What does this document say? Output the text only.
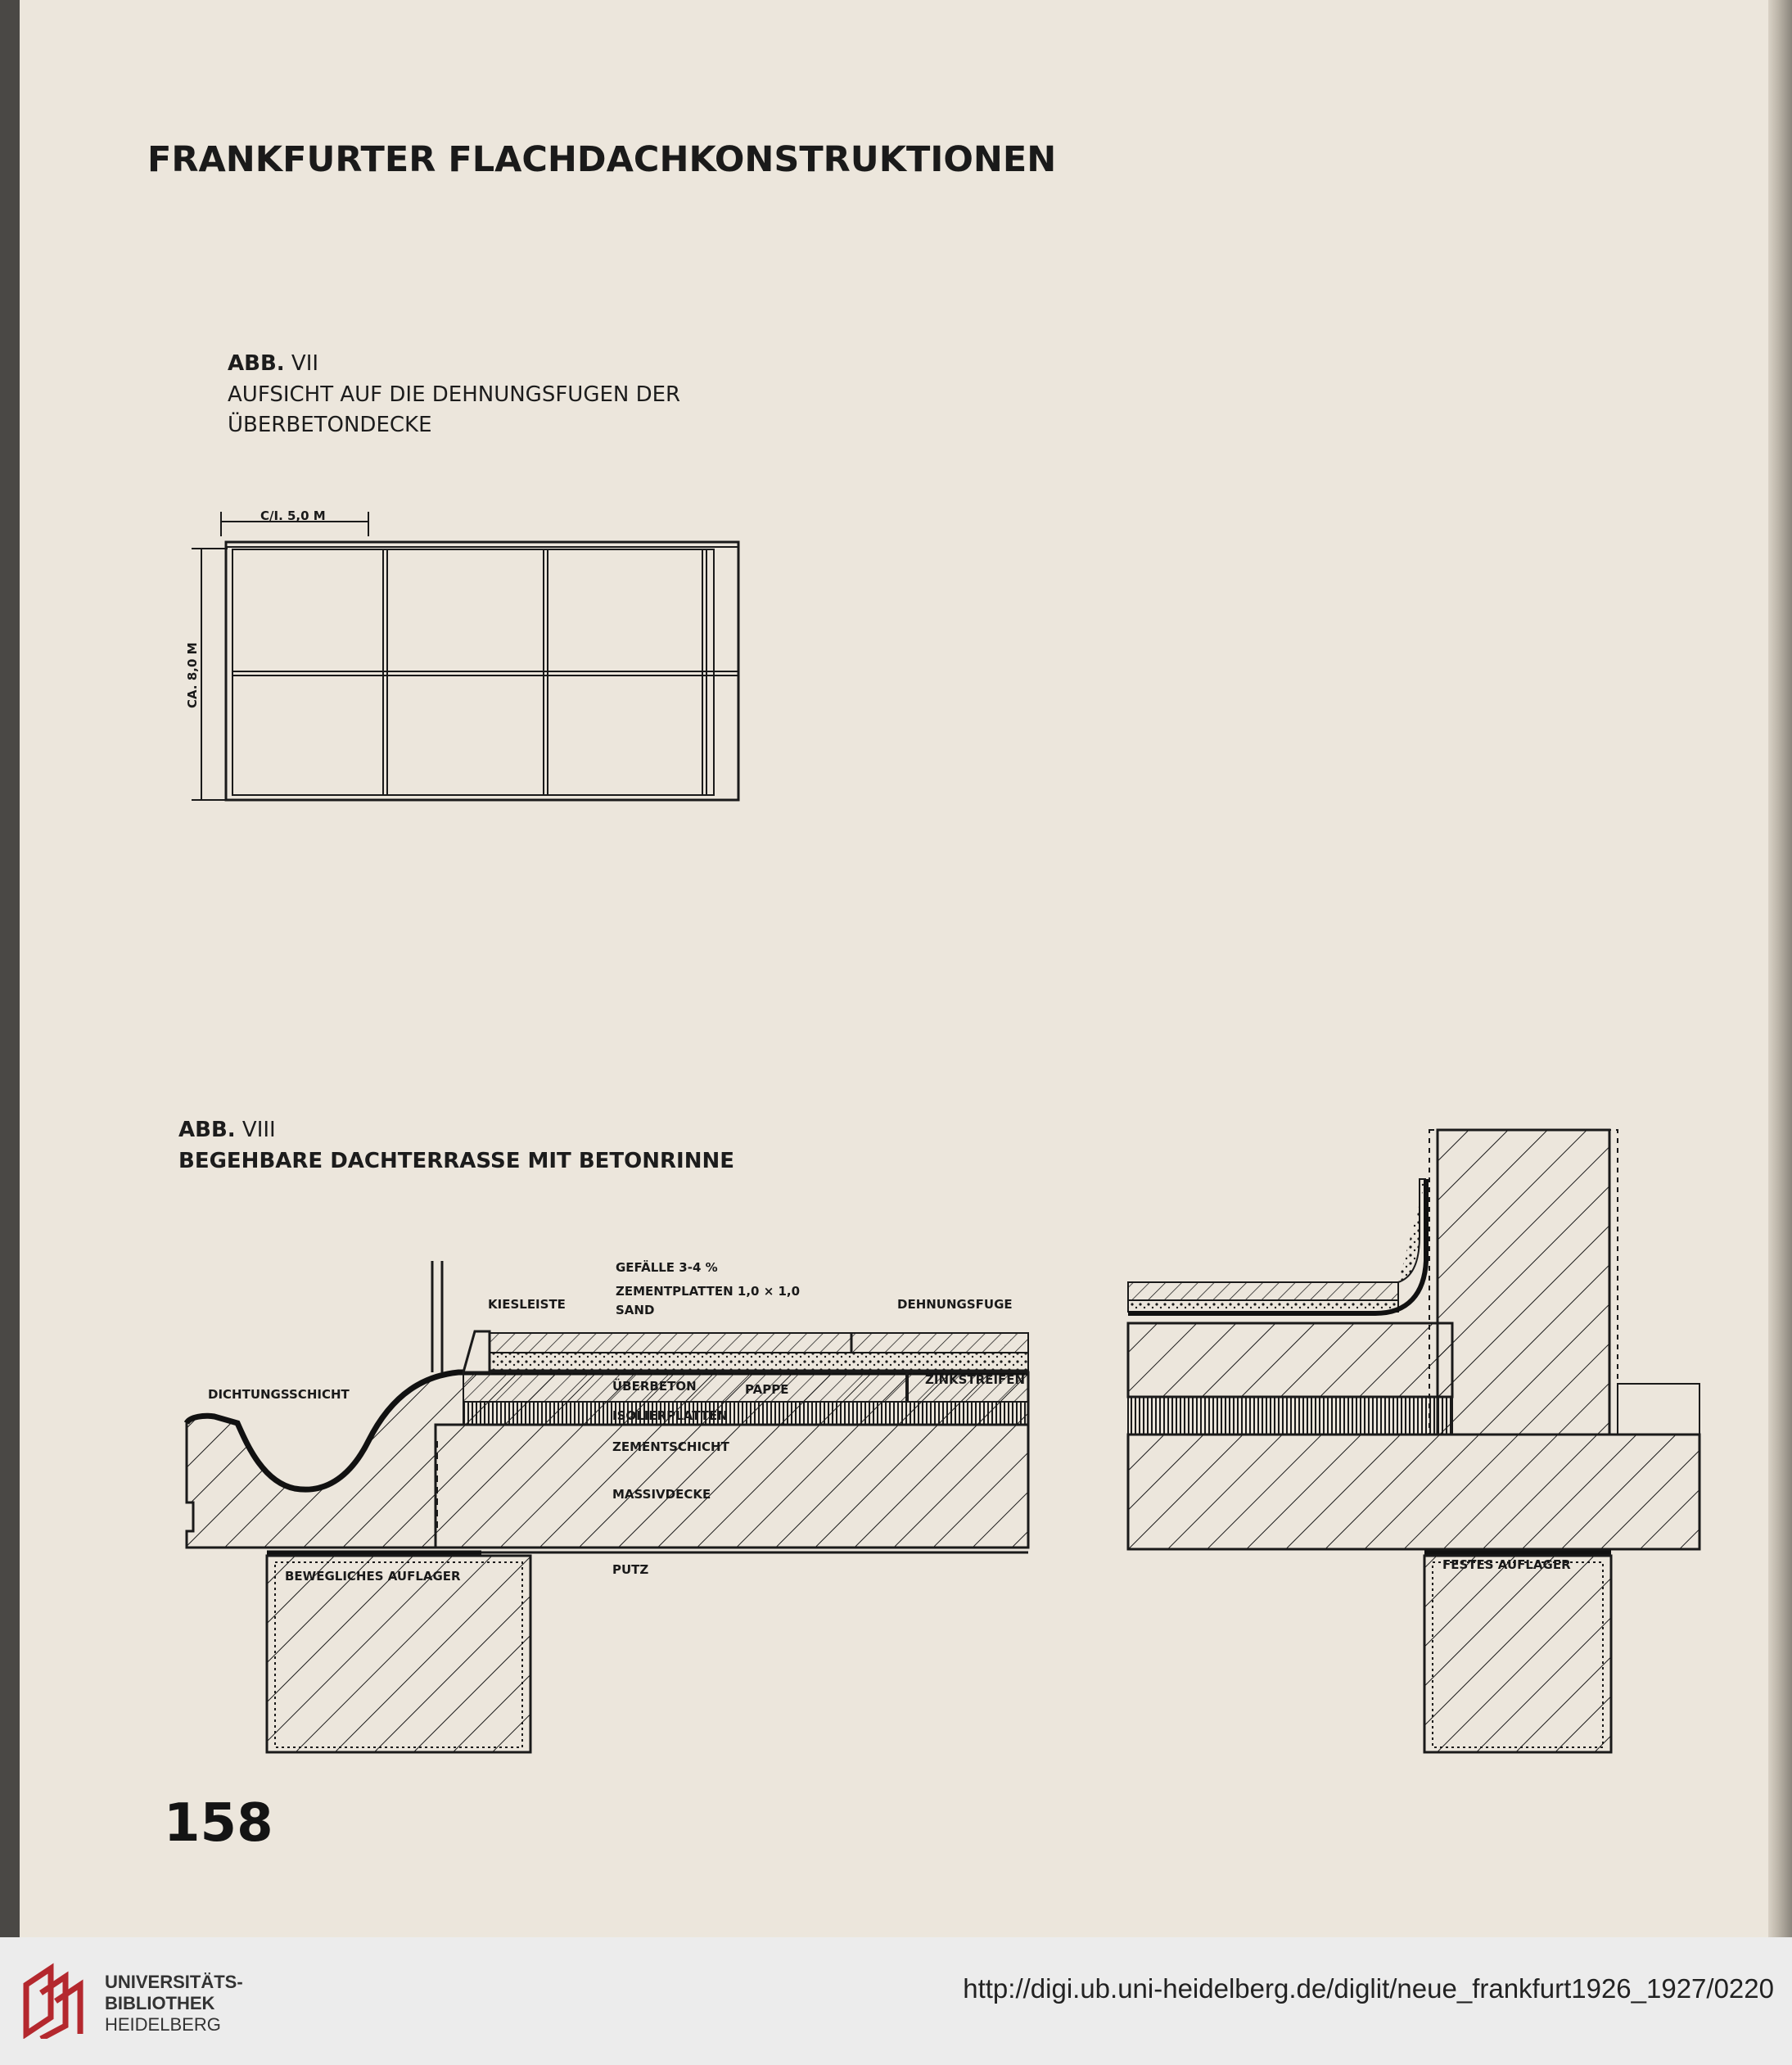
FRANKFURTER FLACHDACHKONSTRUKTIONEN
ABB. VII
AUFSICHT AUF DIE DEHNUNGSFUGEN DER
ÜBERBETONDECKE
C/I. 5,0 M
CA. 8,0 M
ABB. VIII
BEGEHBARE DACHTERRASSE MIT BETONRINNE
GEFÄLLE 3-4 %
ZEMENTPLATTEN 1,0 × 1,0
SAND
KIESLEISTE	DEHNUNGSFUGE
DICHTUNGSSCHICHT
ÜBERBETON	PAPPE
ZINKSTREIFEN
ISOLIERPLATTEN
ZEMENTSCHICHT
MASSIVDECKE
PUTZ
BEWEGLICHES AUFLAGER
FESTES AUFLAGER
158
UNIVERSITÄTS-
BIBLIOTHEK
HEIDELBERG
http://digi.ub.uni-heidelberg.de/diglit/neue_frankfurt1926_1927/0220
